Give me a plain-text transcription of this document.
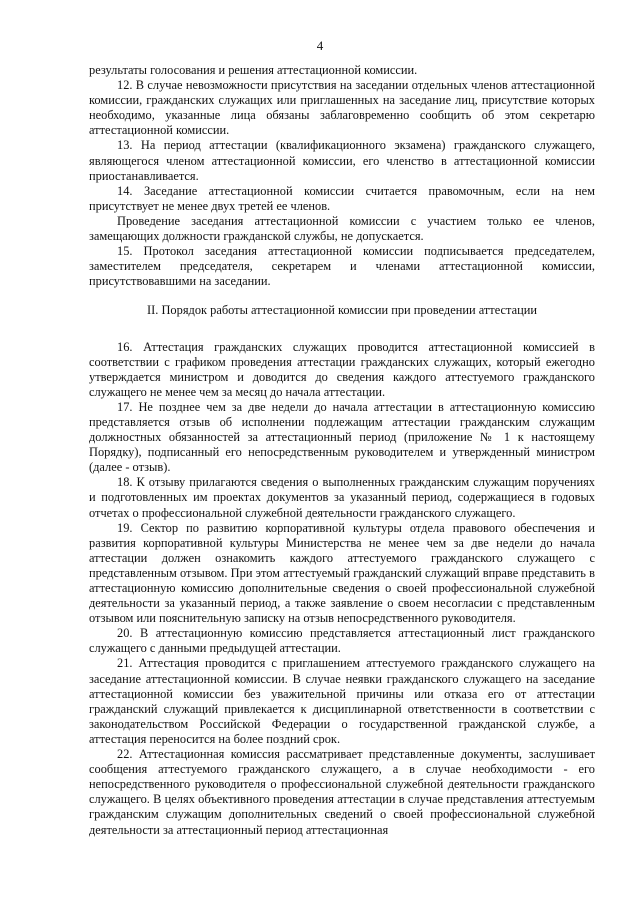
4

результаты голосования и решения аттестационной комиссии.

12. В случае невозможности присутствия на заседании отдельных членов аттестационной комиссии, гражданских служащих или приглашенных на заседание лиц, присутствие которых необходимо, указанные лица обязаны заблаговременно сообщить об этом секретарю аттестационной комиссии.

13. На период аттестации (квалификационного экзамена) гражданского служащего, являющегося членом аттестационной комиссии, его членство в аттестационной комиссии приостанавливается.

14. Заседание аттестационной комиссии считается правомочным, если на нем присутствует не менее двух третей ее членов.

Проведение заседания аттестационной комиссии с участием только ее членов, замещающих должности гражданской службы, не допускается.

15. Протокол заседания аттестационной комиссии подписывается председателем, заместителем председателя, секретарем и членами аттестационной комиссии, присутствовавшими на заседании.

II. Порядок работы аттестационной комиссии при проведении аттестации

16. Аттестация гражданских служащих проводится аттестационной комиссией в соответствии с графиком проведения аттестации гражданских служащих, который ежегодно утверждается министром и доводится до сведения каждого аттестуемого гражданского служащего не менее чем за месяц до начала аттестации.

17. Не позднее чем за две недели до начала аттестации в аттестационную комиссию представляется отзыв об исполнении подлежащим аттестации гражданским служащим должностных обязанностей за аттестационный период (приложение № 1 к настоящему Порядку), подписанный его непосредственным руководителем и утвержденный министром (далее - отзыв).

18. К отзыву прилагаются сведения о выполненных гражданским служащим поручениях и подготовленных им проектах документов за указанный период, содержащиеся в годовых отчетах о профессиональной служебной деятельности гражданского служащего.

19. Сектор по развитию корпоративной культуры отдела правового обеспечения и развития корпоративной культуры Министерства не менее чем за две недели до начала аттестации должен ознакомить каждого аттестуемого гражданского служащего с представленным отзывом. При этом аттестуемый гражданский служащий вправе представить в аттестационную комиссию дополнительные сведения о своей профессиональной служебной деятельности за указанный период, а также заявление о своем несогласии с представленным отзывом или пояснительную записку на отзыв непосредственного руководителя.

20. В аттестационную комиссию представляется аттестационный лист гражданского служащего с данными предыдущей аттестации.

21. Аттестация проводится с приглашением аттестуемого гражданского служащего на заседание аттестационной комиссии. В случае неявки гражданского служащего на заседание аттестационной комиссии без уважительной причины или отказа его от аттестации гражданский служащий привлекается к дисциплинарной ответственности в соответствии с законодательством Российской Федерации о государственной гражданской службе, а аттестация переносится на более поздний срок.

22. Аттестационная комиссия рассматривает представленные документы, заслушивает сообщения аттестуемого гражданского служащего, а в случае необходимости - его непосредственного руководителя о профессиональной служебной деятельности гражданского служащего. В целях объективного проведения аттестации в случае представления аттестуемым гражданским служащим дополнительных сведений о своей профессиональной служебной деятельности за аттестационный период аттестационная
